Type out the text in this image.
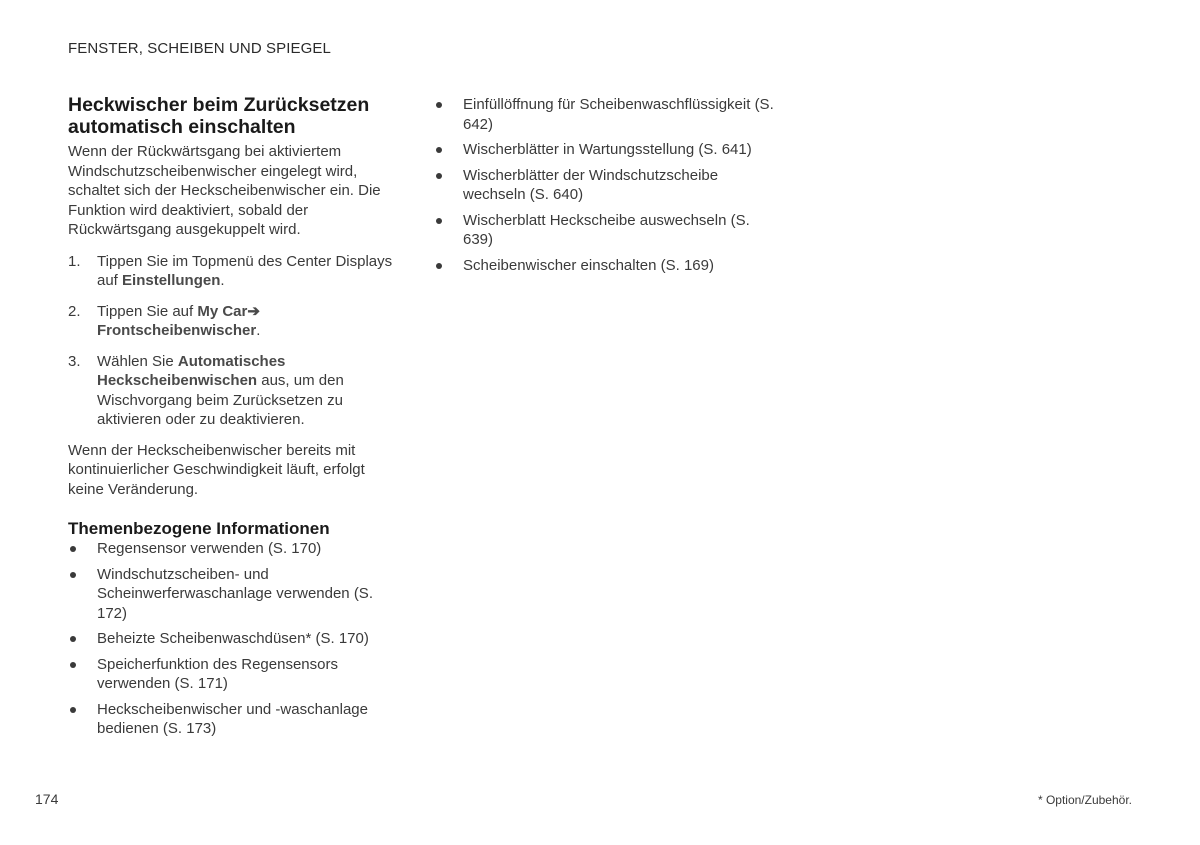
FENSTER, SCHEIBEN UND SPIEGEL
Heckwischer beim Zurücksetzen
automatisch einschalten

Wenn der Rückwärtsgang bei aktiviertem Windschutzscheibenwischer eingelegt wird, schaltet sich der Heckscheibenwischer ein. Die Funktion wird deaktiviert, sobald der Rückwärtsgang ausgekuppelt wird.

1.	Tippen Sie im Topmenü des Center Displays auf Einstellungen.
2.	Tippen Sie auf My Car➔
Frontscheibenwischer.
3.	Wählen Sie Automatisches Heckscheibenwischen aus, um den Wischvorgang beim Zurücksetzen zu aktivieren oder zu deaktivieren.

Wenn der Heckscheibenwischer bereits mit kontinuierlicher Geschwindigkeit läuft, erfolgt keine Veränderung.

Themenbezogene Informationen
Regensensor verwenden (S. 170)
Windschutzscheiben- und Scheinwerferwaschanlage verwenden (S. 172)
Beheizte Scheibenwaschdüsen* (S. 170)
Speicherfunktion des Regensensors verwenden (S. 171)
Heckscheibenwischer und -waschanlage bedienen (S. 173)
Einfüllöffnung für Scheibenwaschflüssigkeit (S. 642)
Wischerblätter in Wartungsstellung (S. 641)
Wischerblätter der Windschutzscheibe wechseln (S. 640)
Wischerblatt Heckscheibe auswechseln (S. 639)
Scheibenwischer einschalten (S. 169)
174	* Option/Zubehör.
